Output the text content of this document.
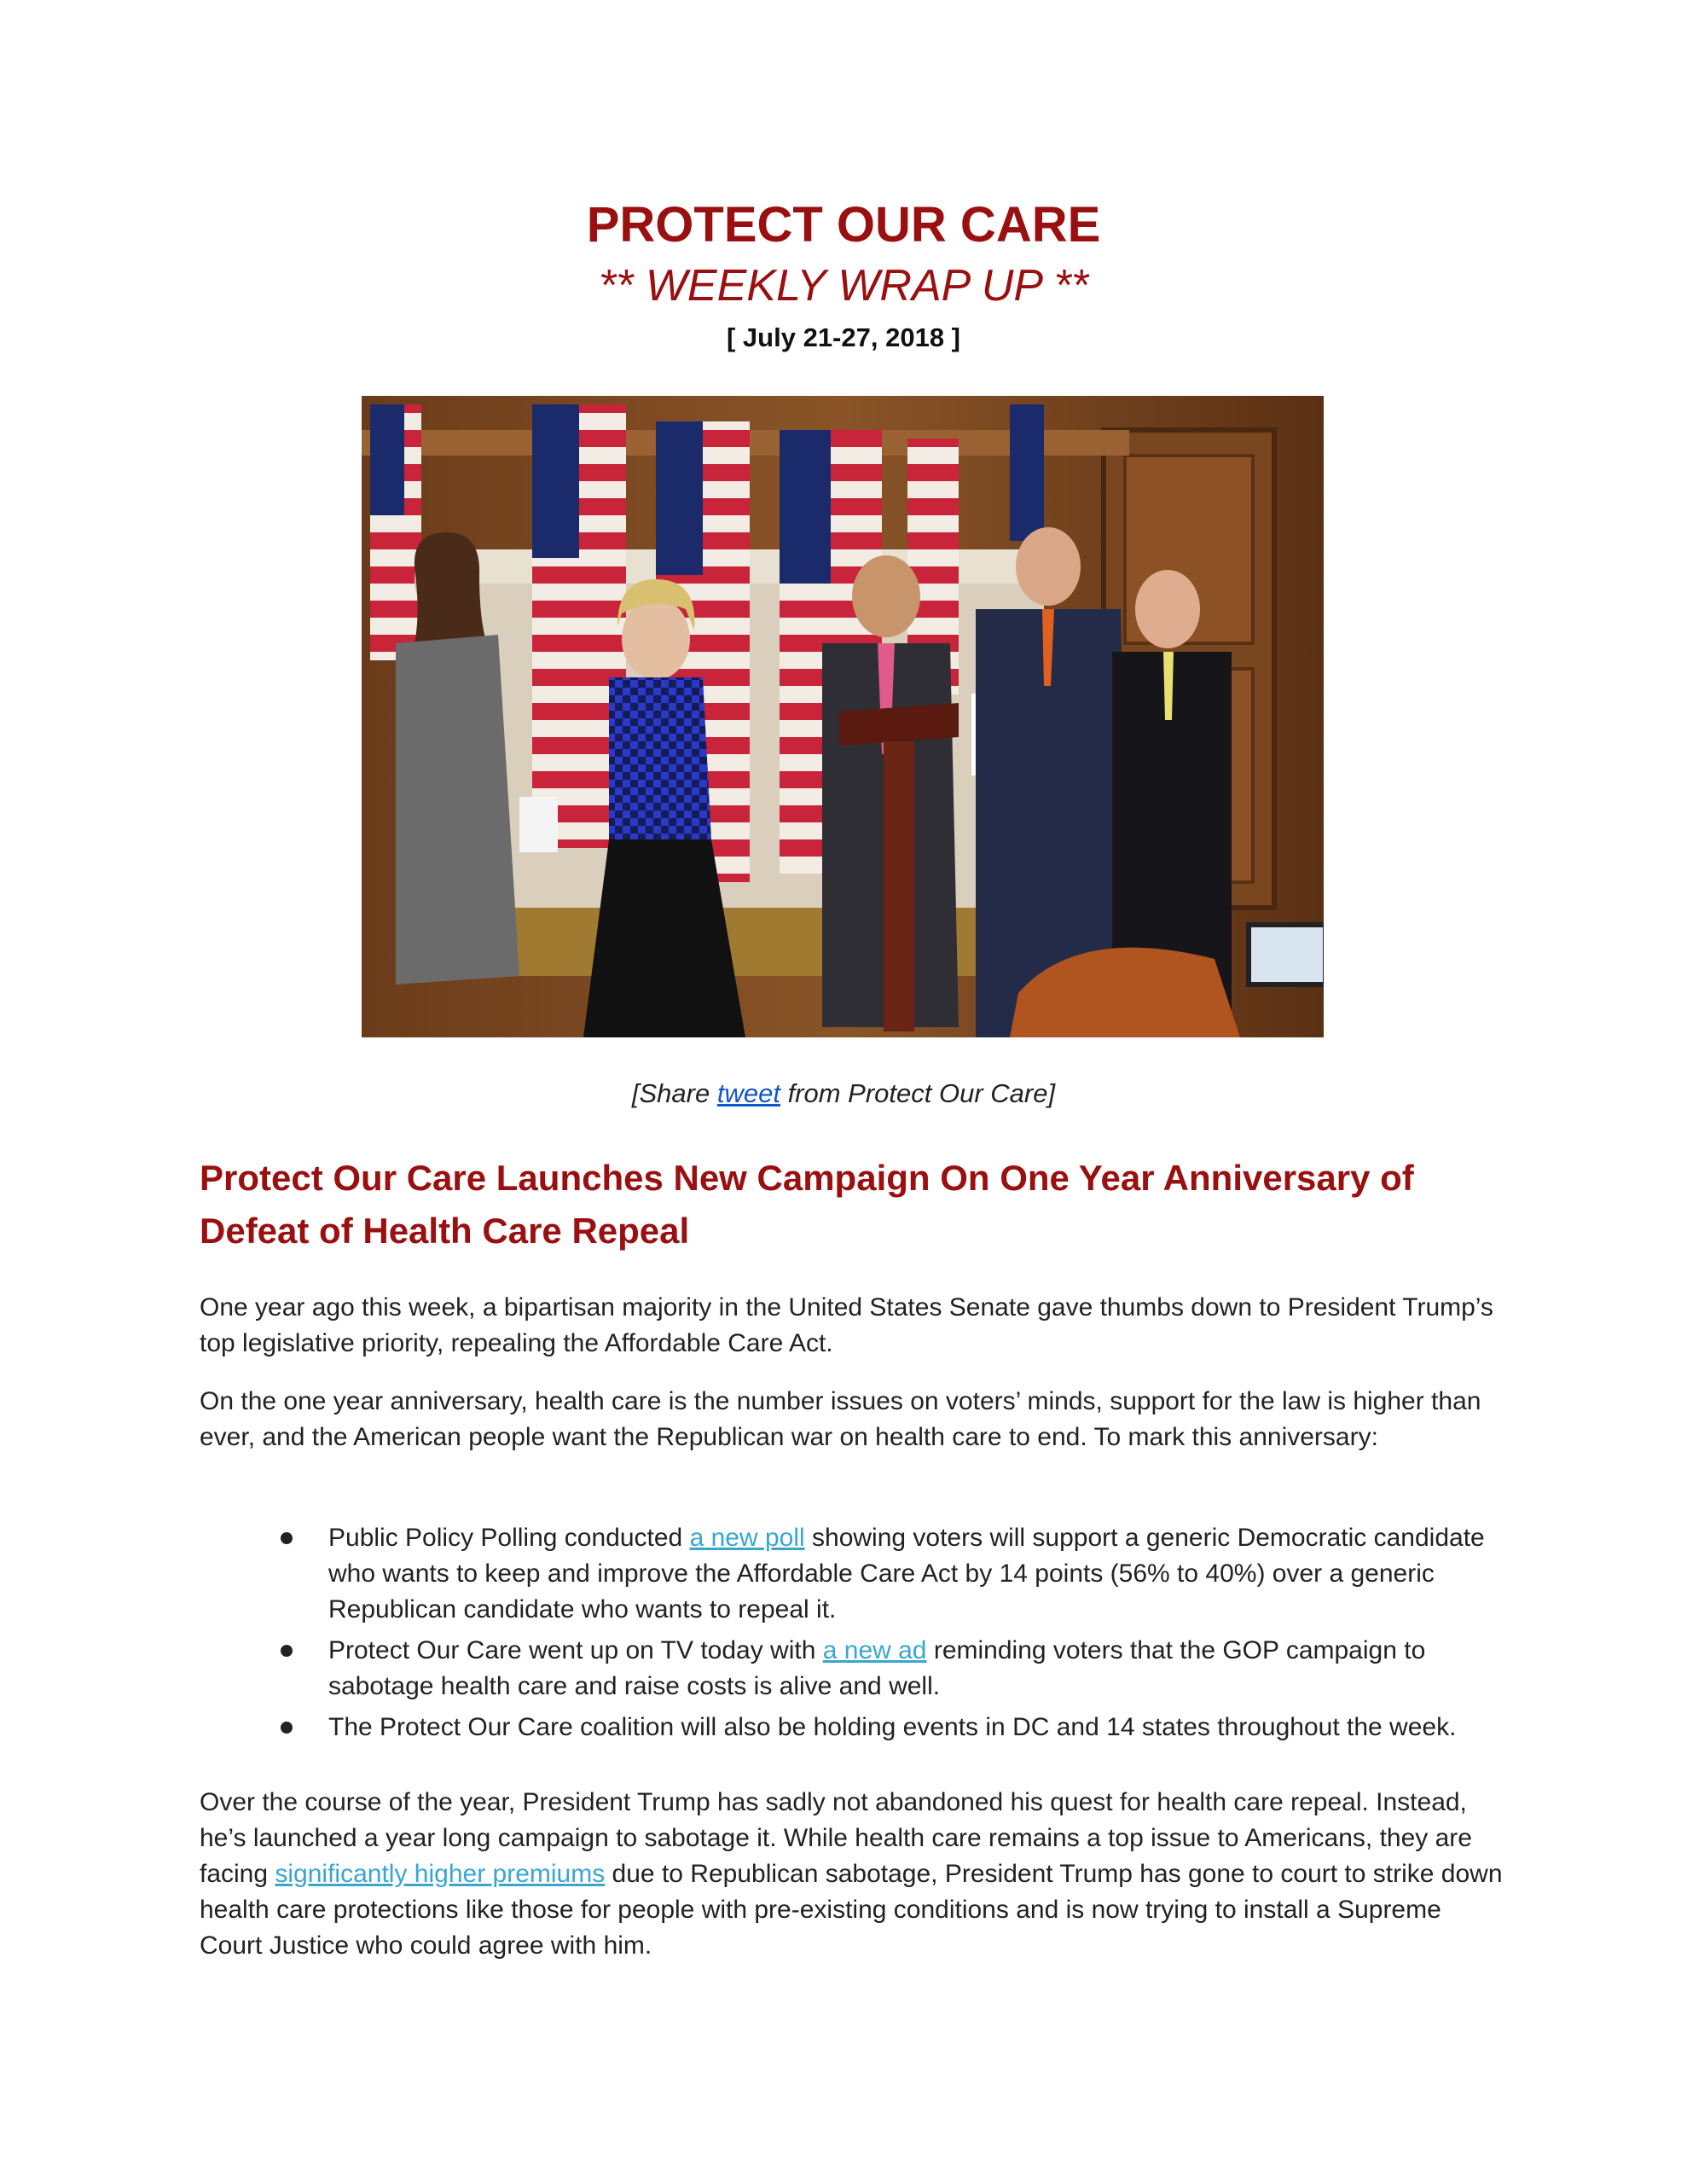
PROTECT OUR CARE
** WEEKLY WRAP UP **
[ July 21-27, 2018 ]
[Share tweet from Protect Our Care]
Protect Our Care Launches New Campaign On One Year Anniversary of Defeat of Health Care Repeal
One year ago this week, a bipartisan majority in the United States Senate gave thumbs down to President Trump’s top legislative priority, repealing the Affordable Care Act.
On the one year anniversary, health care is the number issues on voters’ minds, support for the law is higher than ever, and the American people want the Republican war on health care to end. To mark this anniversary:
Public Policy Polling conducted a new poll showing voters will support a generic Democratic candidate who wants to keep and improve the Affordable Care Act by 14 points (56% to 40%) over a generic Republican candidate who wants to repeal it.
Protect Our Care went up on TV today with a new ad reminding voters that the GOP campaign to sabotage health care and raise costs is alive and well.
The Protect Our Care coalition will also be holding events in DC and 14 states throughout the week.
Over the course of the year, President Trump has sadly not abandoned his quest for health care repeal. Instead, he’s launched a year long campaign to sabotage it. While health care remains a top issue to Americans, they are facing significantly higher premiums due to Republican sabotage, President Trump has gone to court to strike down health care protections like those for people with pre-existing conditions and is now trying to install a Supreme Court Justice who could agree with him.
